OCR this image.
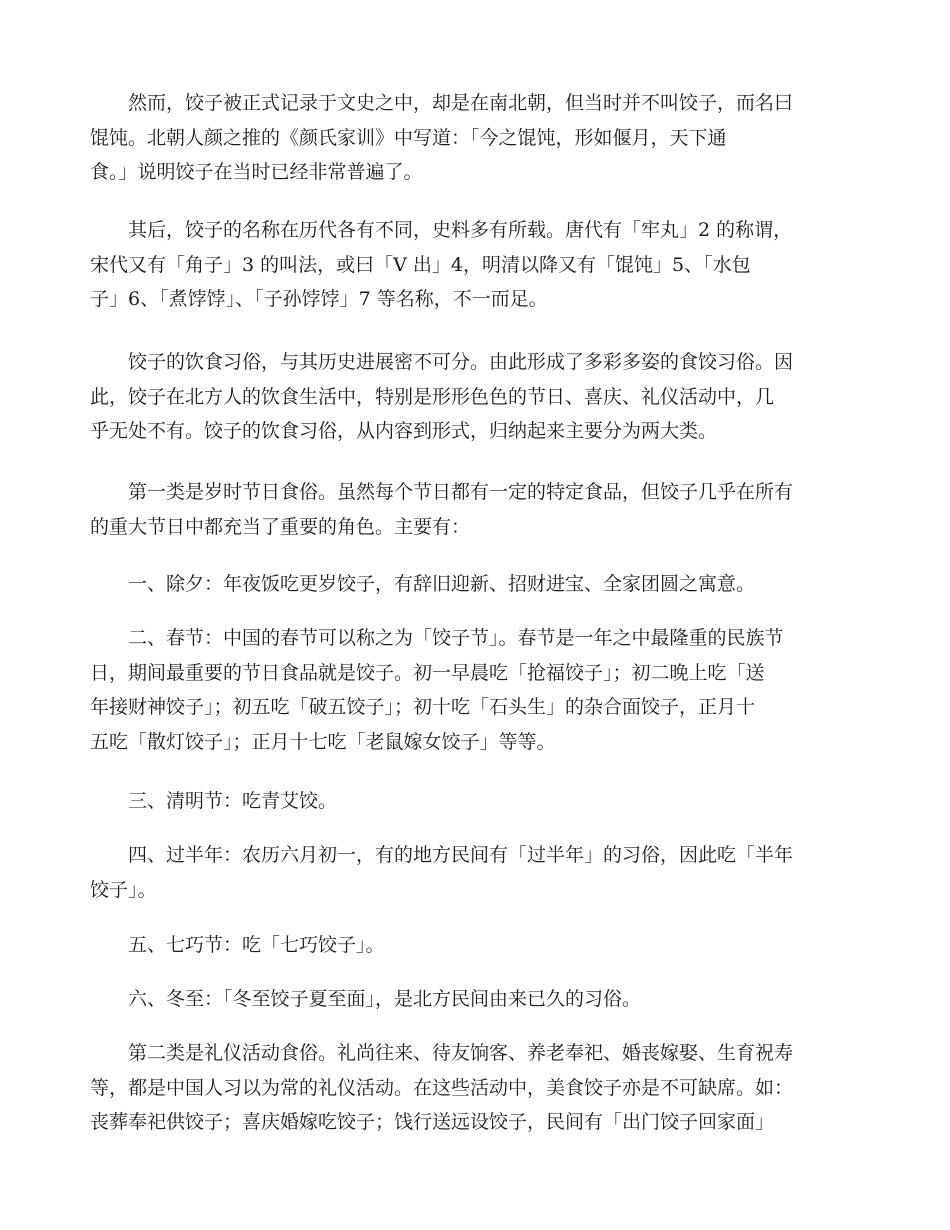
然而，饺子被正式记录于文史之中，却是在南北朝，但当时并不叫饺子，而名曰
馄饨。北朝人颜之推的《颜氏家训》中写道：「今之馄饨，形如偃月，天下通
食。」说明饺子在当时已经非常普遍了。

其后，饺子的名称在历代各有不同，史料多有所载。唐代有「牢丸」2 的称谓，
宋代又有「角子」3 的叫法，或曰「V 出」4，明清以降又有「馄饨」5、「水包
子」6、「煮饽饽」、「子孙饽饽」7 等名称，不一而足。

饺子的饮食习俗，与其历史进展密不可分。由此形成了多彩多姿的食饺习俗。因
此，饺子在北方人的饮食生活中，特别是形形色色的节日、喜庆、礼仪活动中，几
乎无处不有。饺子的饮食习俗，从内容到形式，归纳起来主要分为两大类。

第一类是岁时节日食俗。虽然每个节日都有一定的特定食品，但饺子几乎在所有
的重大节日中都充当了重要的角色。主要有：

一、除夕：年夜饭吃更岁饺子，有辞旧迎新、招财进宝、全家团圆之寓意。

二、春节：中国的春节可以称之为「饺子节」。春节是一年之中最隆重的民族节
日，期间最重要的节日食品就是饺子。初一早晨吃「抢福饺子」；初二晚上吃「送
年接财神饺子」；初五吃「破五饺子」；初十吃「石头生」的杂合面饺子，正月十
五吃「散灯饺子」；正月十七吃「老鼠嫁女饺子」等等。

三、清明节：吃青艾饺。

四、过半年：农历六月初一，有的地方民间有「过半年」的习俗，因此吃「半年
饺子」。

五、七巧节：吃「七巧饺子」。

六、冬至：「冬至饺子夏至面」，是北方民间由来已久的习俗。

第二类是礼仪活动食俗。礼尚往来、待友饷客、养老奉祀、婚丧嫁娶、生育祝寿
等，都是中国人习以为常的礼仪活动。在这些活动中，美食饺子亦是不可缺席。如：
丧葬奉祀供饺子；喜庆婚嫁吃饺子；饯行送远设饺子，民间有「出门饺子回家面」
